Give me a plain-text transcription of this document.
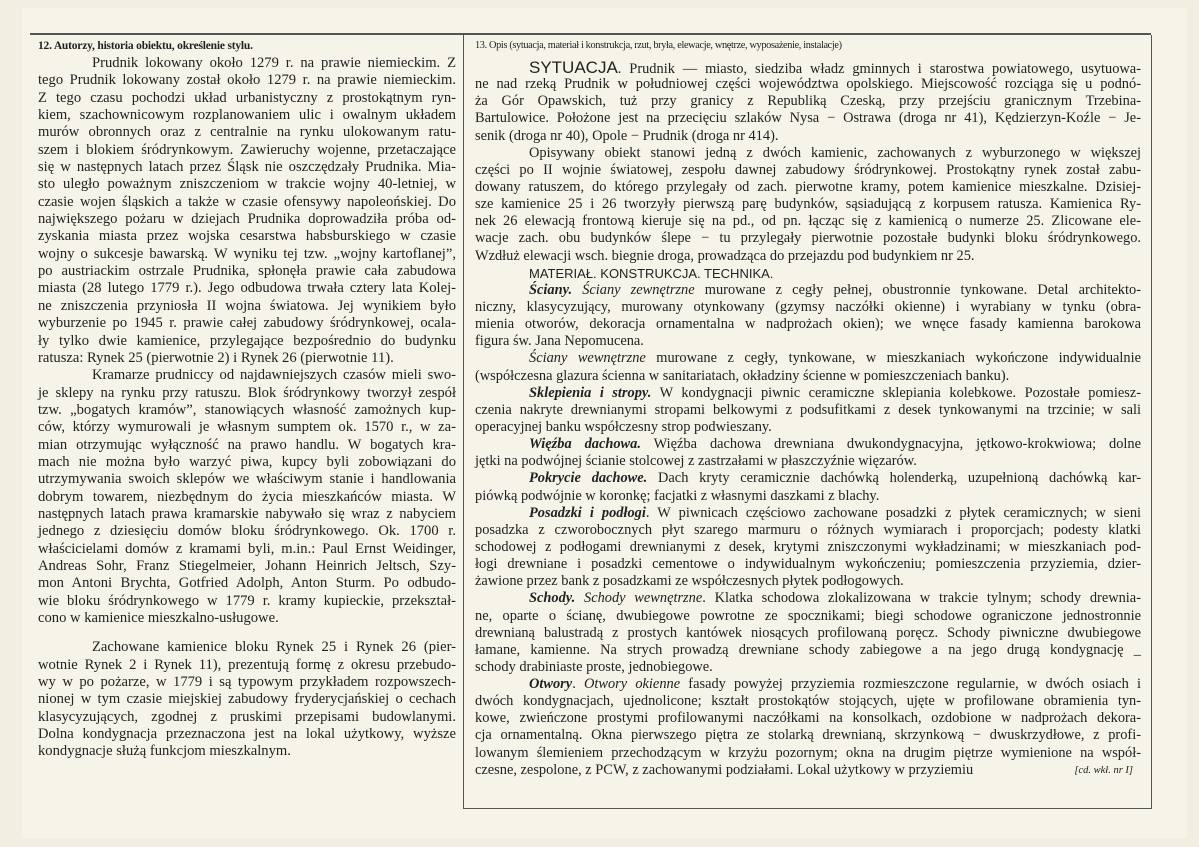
12. Autorzy, historia obiektu, określenie stylu.
Prudnik lokowany około 1279 r. na prawie niemieckim. Z
tego Prudnik lokowany został około 1279 r. na prawie niemieckim.
Z tego czasu pochodzi układ urbanistyczny z prostokątnym ryn-
kiem, szachownicowym rozplanowaniem ulic i owalnym układem
murów obronnych oraz z centralnie na rynku ulokowanym ratu-
szem i blokiem śródrynkowym. Zawieruchy wojenne, przetaczające
się w następnych latach przez Śląsk nie oszczędzały Prudnika. Mia-
sto uległo poważnym zniszczeniom w trakcie wojny 40-letniej, w
czasie wojen śląskich a także w czasie ofensywy napoleońskiej. Do
największego pożaru w dziejach Prudnika doprowadziła próba od-
zyskania miasta przez wojska cesarstwa habsburskiego w czasie
wojny o sukcesje bawarską. W wyniku tej tzw. „wojny kartoflanej”,
po austriackim ostrzale Prudnika, spłonęła prawie cała zabudowa
miasta (28 lutego 1779 r.). Jego odbudowa trwała cztery lata Kolej-
ne zniszczenia przyniosła II wojna światowa. Jej wynikiem było
wyburzenie po 1945 r. prawie całej zabudowy śródrynkowej, ocala-
ły tylko dwie kamienice, przylegające bezpośrednio do budynku
ratusza: Rynek 25 (pierwotnie 2) i Rynek 26 (pierwotnie 11).
Kramarze prudniccy od najdawniejszych czasów mieli swo-
je sklepy na rynku przy ratuszu. Blok śródrynkowy tworzył zespół
tzw. „bogatych kramów”, stanowiących własność zamożnych kup-
ców, którzy wymurowali je własnym sumptem ok. 1570 r., w za-
mian otrzymując wyłączność na prawo handlu. W bogatych kra-
mach nie można było warzyć piwa, kupcy byli zobowiązani do
utrzymywania swoich sklepów we właściwym stanie i handlowania
dobrym towarem, niezbędnym do życia mieszkańców miasta. W
następnych latach prawa kramarskie nabywało się wraz z nabyciem
jednego z dziesięciu domów bloku śródrynkowego. Ok. 1700 r.
właścicielami domów z kramami byli, m.in.: Paul Ernst Weidinger,
Andreas Sohr, Franz Stiegelmeier, Johann Heinrich Jeltsch, Szy-
mon Antoni Brychta, Gotfried Adolph, Anton Sturm. Po odbudo-
wie bloku śródrynkowego w 1779 r. kramy kupieckie, przekształ-
cono w kamienice mieszkalno-usługowe.
Zachowane kamienice bloku Rynek 25 i Rynek 26 (pier-
wotnie Rynek 2 i Rynek 11), prezentują formę z okresu przebudo-
wy w po pożarze, w 1779 i są typowym przykładem rozpowszech-
nionej w tym czasie miejskiej zabudowy fryderycjańskiej o cechach
klasycyzujących, zgodnej z pruskimi przepisami budowlanymi.
Dolna kondygnacja przeznaczona jest na lokal użytkowy, wyższe
kondygnacje służą funkcjom mieszkalnym.
13. Opis (sytuacja, materiał i konstrukcja, rzut, bryła, elewacje, wnętrze, wyposażenie, instalacje)
SYTUACJA. Prudnik — miasto, siedziba władz gminnych i starostwa powiatowego, usytuowa-
ne nad rzeką Prudnik w południowej części województwa opolskiego. Miejscowość rozciąga się u podnó-
ża Gór Opawskich, tuż przy granicy z Republiką Czeską, przy przejściu granicznym Trzebina-
Bartulowice. Położone jest na przecięciu szlaków Nysa − Ostrawa (droga nr 41), Kędzierzyn-Koźle − Je-
senik (droga nr 40), Opole − Prudnik (droga nr 414).
Opisywany obiekt stanowi jedną z dwóch kamienic, zachowanych z wyburzonego w większej
części po II wojnie światowej, zespołu dawnej zabudowy śródrynkowej. Prostokątny rynek został zabu-
dowany ratuszem, do którego przylegały od zach. pierwotne kramy, potem kamienice mieszkalne. Dzisiej-
sze kamienice 25 i 26 tworzyły pierwszą parę budynków, sąsiadującą z korpusem ratusza. Kamienica Ry-
nek 26 elewacją frontową kieruje się na pd., od pn. łącząc się z kamienicą o numerze 25. Zlicowane ele-
wacje zach. obu budynków ślepe − tu przylegały pierwotnie pozostałe budynki bloku śródrynkowego.
Wzdłuż elewacji wsch. biegnie droga, prowadząca do przejazdu pod budynkiem nr 25.
MATERIAŁ. KONSTRUKCJA. TECHNIKA.
Ściany. Ściany zewnętrzne murowane z cegły pełnej, obustronnie tynkowane. Detal architekto-
niczny, klasycyzujący, murowany otynkowany (gzymsy naczółki okienne) i wyrabiany w tynku (obra-
mienia otworów, dekoracja ornamentalna w nadprożach okien); we wnęce fasady kamienna barokowa
figura św. Jana Nepomucena.
Ściany wewnętrzne murowane z cegły, tynkowane, w mieszkaniach wykończone indywidualnie
(współczesna glazura ścienna w sanitariatach, okładziny ścienne w pomieszczeniach banku).
Sklepienia i stropy. W kondygnacji piwnic ceramiczne sklepiania kolebkowe. Pozostałe pomiesz-
czenia nakryte drewnianymi stropami belkowymi z podsufitkami z desek tynkowanymi na trzcinie; w sali
operacyjnej banku współczesny strop podwieszany.
Więźba dachowa. Więźba dachowa drewniana dwukondygnacyjna, jętkowo-krokwiowa; dolne
jętki na podwójnej ścianie stolcowej z zastrzałami w płaszczyźnie więzarów.
Pokrycie dachowe. Dach kryty ceramicznie dachówką holenderką, uzupełnioną dachówką kar-
piówką podwójnie w koronkę; facjatki z własnymi daszkami z blachy.
Posadzki i podłogi. W piwnicach częściowo zachowane posadzki z płytek ceramicznych; w sieni
posadzka z czworobocznych płyt szarego marmuru o różnych wymiarach i proporcjach; podesty klatki
schodowej z podłogami drewnianymi z desek, krytymi zniszczonymi wykładzinami; w mieszkaniach pod-
łogi drewniane i posadzki cementowe o indywidualnym wykończeniu; pomieszczenia przyziemia, dzier-
żawione przez bank z posadzkami ze współczesnych płytek podłogowych.
Schody. Schody wewnętrzne. Klatka schodowa zlokalizowana w trakcie tylnym; schody drewnia-
ne, oparte o ścianę, dwubiegowe powrotne ze spocznikami; biegi schodowe ograniczone jednostronnie
drewnianą balustradą z prostych kantówek niosących profilowaną poręcz. Schody piwniczne dwubiegowe
łamane, kamienne. Na strych prowadzą drewniane schody zabiegowe a na jego drugą kondygnację _
schody drabiniaste proste, jednobiegowe.
Otwory. Otwory okienne fasady powyżej przyziemia rozmieszczone regularnie, w dwóch osiach i
dwóch kondygnacjach, ujednolicone; kształt prostokątów stojących, ujęte w profilowane obramienia tyn-
kowe, zwieńczone prostymi profilowanymi naczółkami na konsolkach, ozdobione w nadprożach dekora-
cja ornamentalną. Okna pierwszego piętra ze stolarką drewnianą, skrzynkową − dwuskrzydłowe, z profi-
lowanym ślemieniem przechodzącym w krzyżu pozornym; okna na drugim piętrze wymienione na współ-
[cd. wkł. nr I]
czesne, zespolone, z PCW, z zachowanymi podziałami. Lokal użytkowy w przyziemiu
